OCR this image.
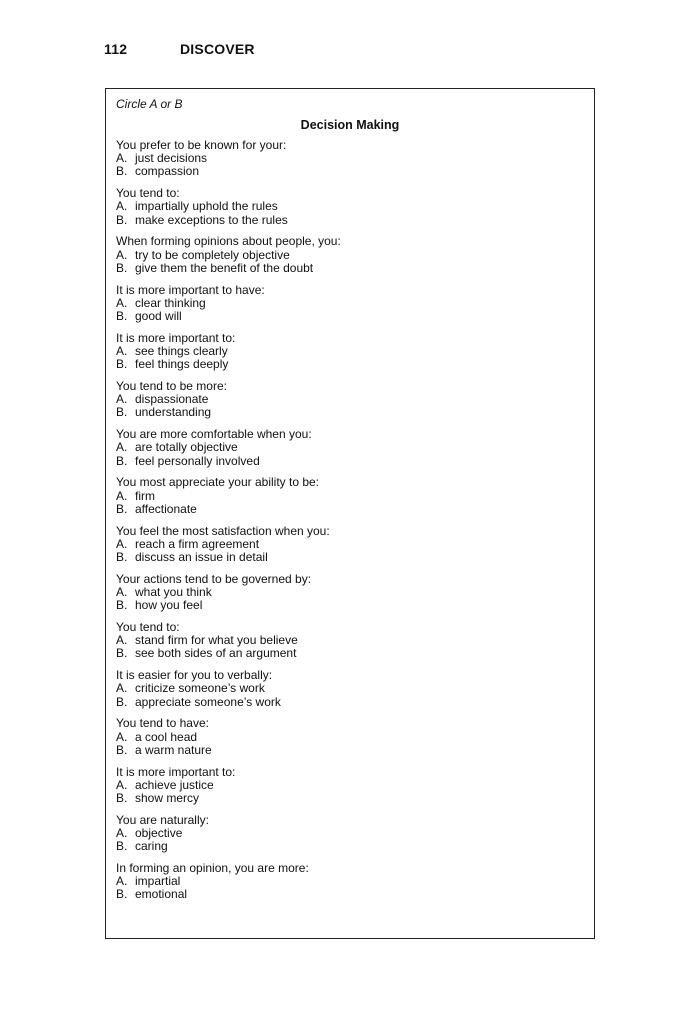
112	DISCOVER
Circle A or B
Decision Making
You prefer to be known for your:
A. just decisions
B. compassion
You tend to:
A. impartially uphold the rules
B. make exceptions to the rules
When forming opinions about people, you:
A. try to be completely objective
B. give them the benefit of the doubt
It is more important to have:
A. clear thinking
B. good will
It is more important to:
A. see things clearly
B. feel things deeply
You tend to be more:
A. dispassionate
B. understanding
You are more comfortable when you:
A. are totally objective
B. feel personally involved
You most appreciate your ability to be:
A. firm
B. affectionate
You feel the most satisfaction when you:
A. reach a firm agreement
B. discuss an issue in detail
Your actions tend to be governed by:
A. what you think
B. how you feel
You tend to:
A. stand firm for what you believe
B. see both sides of an argument
It is easier for you to verbally:
A. criticize someone’s work
B. appreciate someone’s work
You tend to have:
A. a cool head
B. a warm nature
It is more important to:
A. achieve justice
B. show mercy
You are naturally:
A. objective
B. caring
In forming an opinion, you are more:
A. impartial
B. emotional
